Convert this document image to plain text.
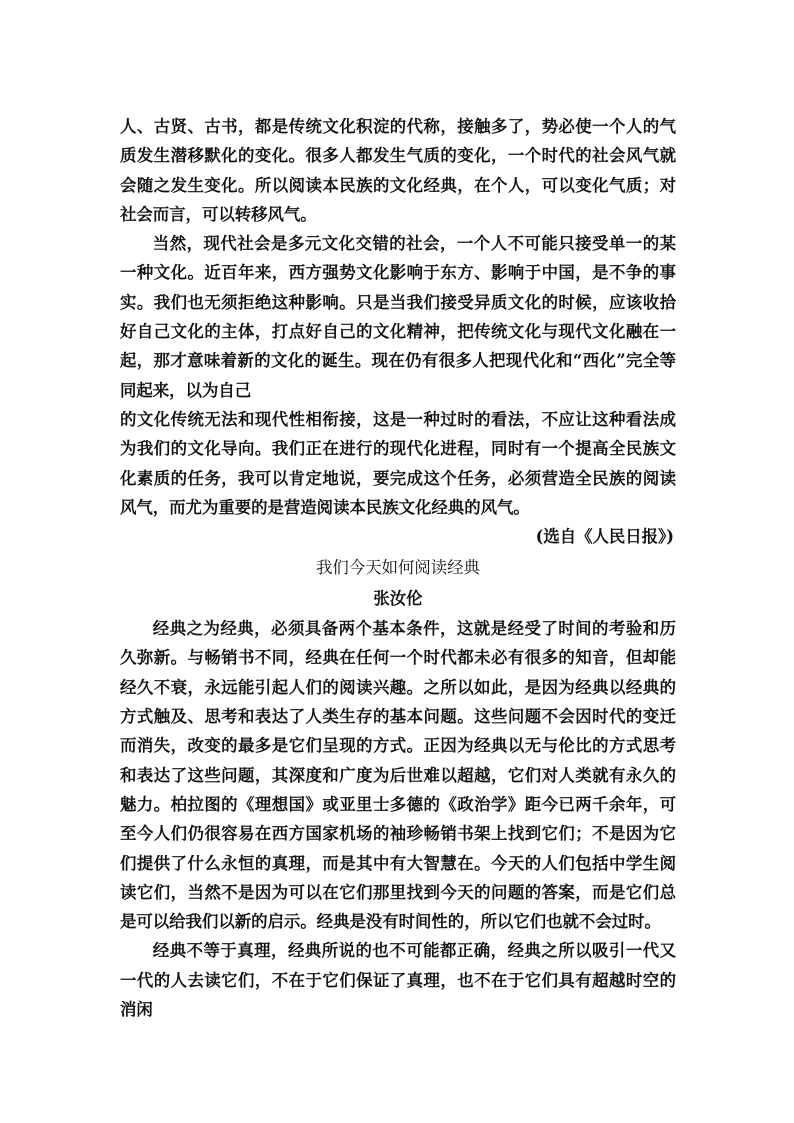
人、古贤、古书，都是传统文化积淀的代称，接触多了，势必使一个人的气质发生潜移默化的变化。很多人都发生气质的变化，一个时代的社会风气就会随之发生变化。所以阅读本民族的文化经典，在个人，可以变化气质；对社会而言，可以转移风气。

当然，现代社会是多元文化交错的社会，一个人不可能只接受单一的某一种文化。近百年来，西方强势文化影响于东方、影响于中国，是不争的事实。我们也无须拒绝这种影响。只是当我们接受异质文化的时候，应该收拾好自己文化的主体，打点好自己的文化精神，把传统文化与现代文化融在一起，那才意味着新的文化的诞生。现在仍有很多人把现代化和“西化”完全等同起来，以为自己

的文化传统无法和现代性相衔接，这是一种过时的看法，不应让这种看法成为我们的文化导向。我们正在进行的现代化进程，同时有一个提高全民族文化素质的任务，我可以肯定地说，要完成这个任务，必须营造全民族的阅读风气，而尤为重要的是营造阅读本民族文化经典的风气。

(选自《人民日报》)

我们今天如何阅读经典

张汝伦

经典之为经典，必须具备两个基本条件，这就是经受了时间的考验和历久弥新。与畅销书不同，经典在任何一个时代都未必有很多的知音，但却能经久不衰，永远能引起人们的阅读兴趣。之所以如此，是因为经典以经典的方式触及、思考和表达了人类生存的基本问题。这些问题不会因时代的变迁而消失，改变的最多是它们呈现的方式。正因为经典以无与伦比的方式思考和表达了这些问题，其深度和广度为后世难以超越，它们对人类就有永久的魅力。柏拉图的《理想国》或亚里士多德的《政治学》距今已两千余年，可至今人们仍很容易在西方国家机场的袖珍畅销书架上找到它们；不是因为它们提供了什么永恒的真理，而是其中有大智慧在。今天的人们包括中学生阅读它们，当然不是因为可以在它们那里找到今天的问题的答案，而是它们总是可以给我们以新的启示。经典是没有时间性的，所以它们也就不会过时。

经典不等于真理，经典所说的也不可能都正确，经典之所以吸引一代又一代的人去读它们，不在于它们保证了真理，也不在于它们具有超越时空的消闲
